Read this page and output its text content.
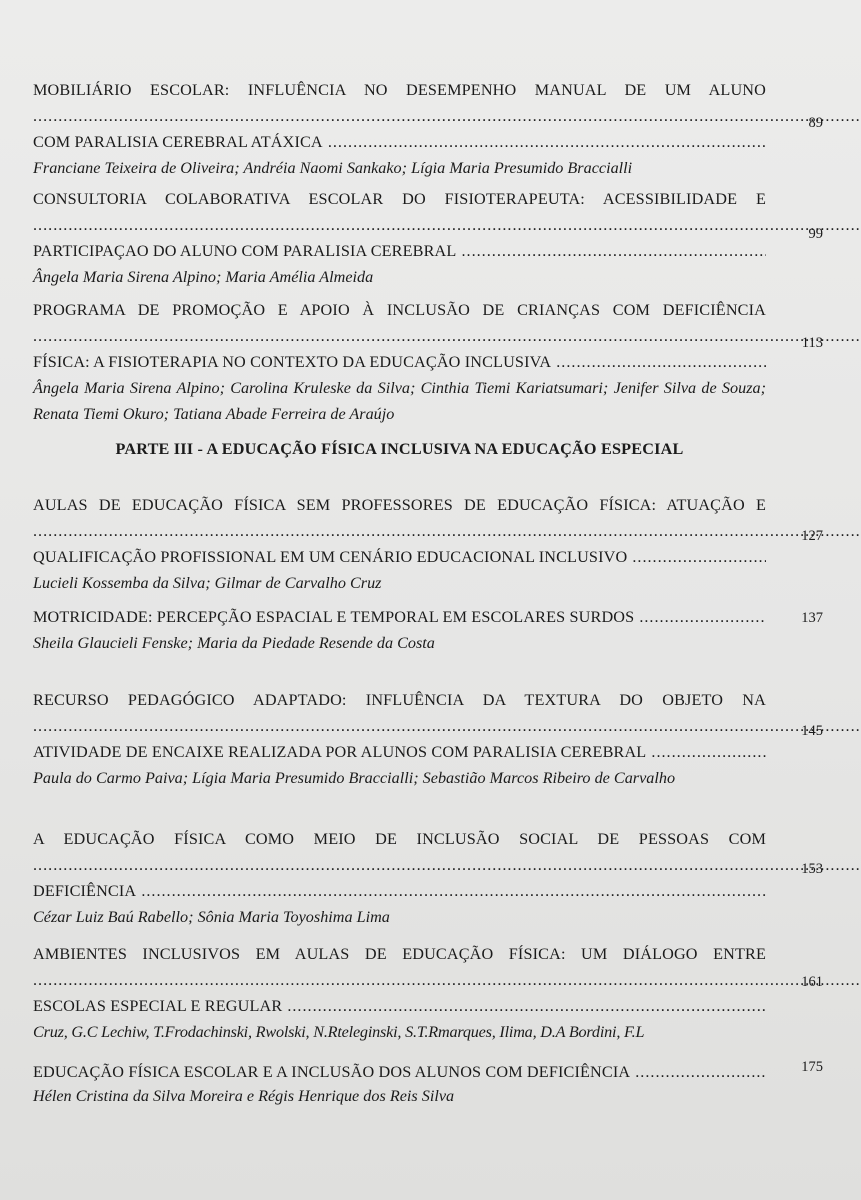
MOBILIÁRIO ESCOLAR: INFLUÊNCIA NO DESEMPENHO MANUAL DE UM ALUNO .....
COM PARALISIA CEREBRAL ATÁXICA .....
Franciane Teixeira de Oliveira; Andréia Naomi Sankako; Lígia Maria Presumido Braccialli
89
CONSULTORIA COLABORATIVA ESCOLAR DO FISIOTERAPEUTA: ACESSIBILIDADE E .....
PARTICIPAÇAO DO ALUNO COM PARALISIA CEREBRAL .....
Ângela Maria Sirena Alpino; Maria Amélia Almeida
99
PROGRAMA DE PROMOÇÃO E APOIO À INCLUSÃO DE CRIANÇAS COM DEFICIÊNCIA .....
FÍSICA: A FISIOTERAPIA NO CONTEXTO DA EDUCAÇÃO INCLUSIVA .....
Ângela Maria Sirena Alpino; Carolina Kruleske da Silva; Cinthia Tiemi Kariatsumari; Jenifer Silva de Souza; Renata Tiemi Okuro; Tatiana Abade Ferreira de Araújo
113
PARTE III - A EDUCAÇÃO FÍSICA INCLUSIVA NA EDUCAÇÃO ESPECIAL
AULAS DE EDUCAÇÃO FÍSICA SEM PROFESSORES DE EDUCAÇÃO FÍSICA: ATUAÇÃO E .....
QUALIFICAÇÃO PROFISSIONAL EM UM CENÁRIO EDUCACIONAL INCLUSIVO .....
Lucieli Kossemba da Silva; Gilmar de Carvalho Cruz
127
MOTRICIDADE: PERCEPÇÃO ESPACIAL E TEMPORAL EM ESCOLARES SURDOS .....
Sheila Glaucieli Fenske; Maria da Piedade Resende da Costa
137
RECURSO PEDAGÓGICO ADAPTADO: INFLUÊNCIA DA TEXTURA DO OBJETO NA .....
ATIVIDADE DE ENCAIXE REALIZADA POR ALUNOS COM PARALISIA CEREBRAL .....
Paula do Carmo Paiva; Lígia Maria Presumido Braccialli; Sebastião Marcos Ribeiro de Carvalho
145
A EDUCAÇÃO FÍSICA COMO MEIO DE INCLUSÃO SOCIAL DE PESSOAS COM .....
DEFICIÊNCIA .....
Cézar Luiz Baú Rabello; Sônia Maria Toyoshima Lima
153
AMBIENTES INCLUSIVOS EM AULAS DE EDUCAÇÃO FÍSICA: UM DIÁLOGO ENTRE .....
ESCOLAS ESPECIAL E REGULAR .....
Cruz, G.C Lechiw, T.Frodachinski, Rwolski, N.Rteleginski, S.T.Rmarques, Ilima, D.A Bordini, F.L
161
EDUCAÇÃO FÍSICA ESCOLAR E A INCLUSÃO DOS ALUNOS COM DEFICIÊNCIA .....
Hélen Cristina da Silva Moreira e Régis Henrique dos Reis Silva
175
